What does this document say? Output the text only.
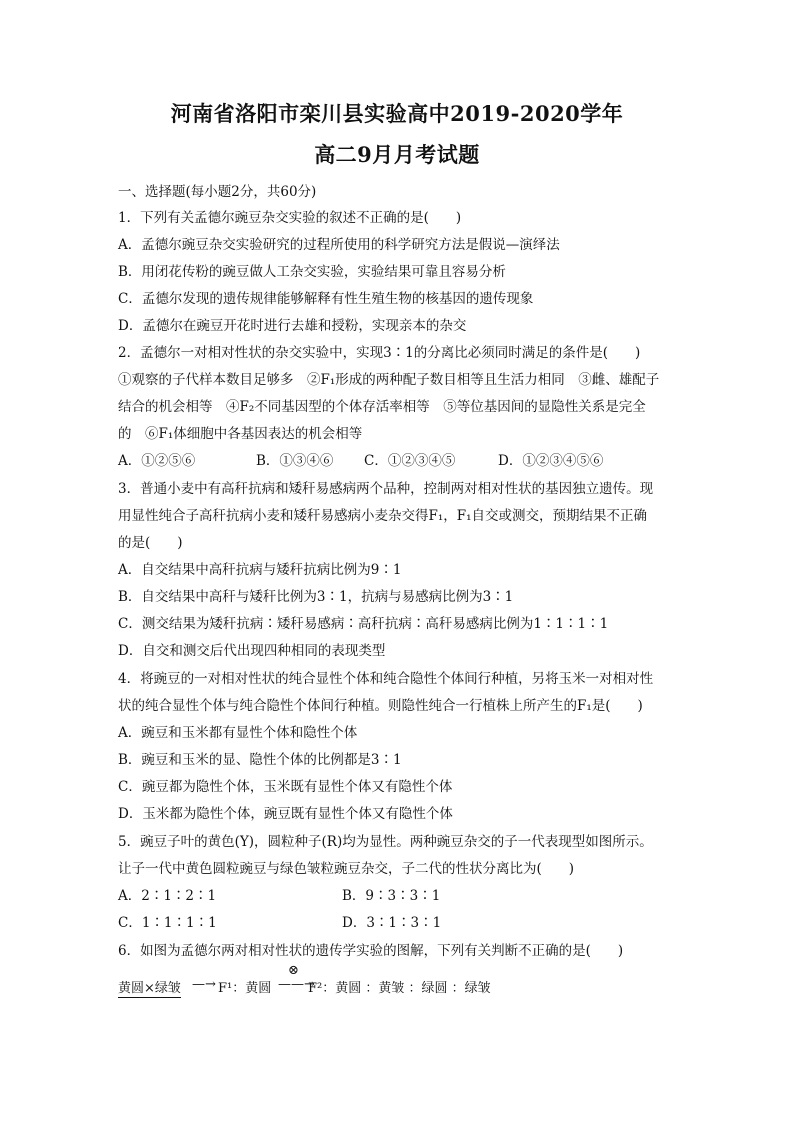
河南省洛阳市栾川县实验高中2019-2020学年
高二9月月考试题
一、选择题(每小题2分，共60分)
1．下列有关孟德尔豌豆杂交实验的叙述不正确的是(　　)
A．孟德尔豌豆杂交实验研究的过程所使用的科学研究方法是假说—演绎法
B．用闭花传粉的豌豆做人工杂交实验，实验结果可靠且容易分析
C．孟德尔发现的遗传规律能够解释有性生殖生物的核基因的遗传现象
D．孟德尔在豌豆开花时进行去雄和授粉，实现亲本的杂交
2．孟德尔一对相对性状的杂交实验中，实现3∶1的分离比必须同时满足的条件是(　　)
①观察的子代样本数目足够多　②F₁形成的两种配子数目相等且生活力相同　③雌、雄配子
结合的机会相等　④F₂不同基因型的个体存活率相等　⑤等位基因间的显隐性关系是完全
的　⑥F₁体细胞中各基因表达的机会相等
A．①②⑤⑥	B．①③④⑥ C．①②③④⑤	D．①②③④⑤⑥
3．普通小麦中有高秆抗病和矮秆易感病两个品种，控制两对相对性状的基因独立遗传。现
用显性纯合子高秆抗病小麦和矮秆易感病小麦杂交得F₁，F₁自交或测交，预期结果不正确
的是(　　)
A．自交结果中高秆抗病与矮秆抗病比例为9∶1
B．自交结果中高秆与矮秆比例为3∶1，抗病与易感病比例为3∶1
C．测交结果为矮秆抗病∶矮秆易感病∶高秆抗病∶高秆易感病比例为1∶1∶1∶1
D．自交和测交后代出现四种相同的表现类型
4．将豌豆的一对相对性状的纯合显性个体和纯合隐性个体间行种植，另将玉米一对相对性
状的纯合显性个体与纯合隐性个体间行种植。则隐性纯合一行植株上所产生的F₁是(　　)
A．豌豆和玉米都有显性个体和隐性个体
B．豌豆和玉米的显、隐性个体的比例都是3∶1
C．豌豆都为隐性个体，玉米既有显性个体又有隐性个体
D．玉米都为隐性个体，豌豆既有显性个体又有隐性个体
5．豌豆子叶的黄色(Y)，圆粒种子(R)均为显性。两种豌豆杂交的子一代表现型如图所示。
让子一代中黄色圆粒豌豆与绿色皱粒豌豆杂交，子二代的性状分离比为(　　)
A．2∶1∶2∶1	B．9∶3∶3∶1
C．1∶1∶1∶1	D．3∶1∶3∶1
6．如图为孟德尔两对相对性状的遗传学实验的图解，下列有关判断不正确的是(　　)
黄圆×绿皱 —→ F¹：黄圆
⊗
——→
F²：黄圆 ：黄皱 ：绿圆 ：绿皱
